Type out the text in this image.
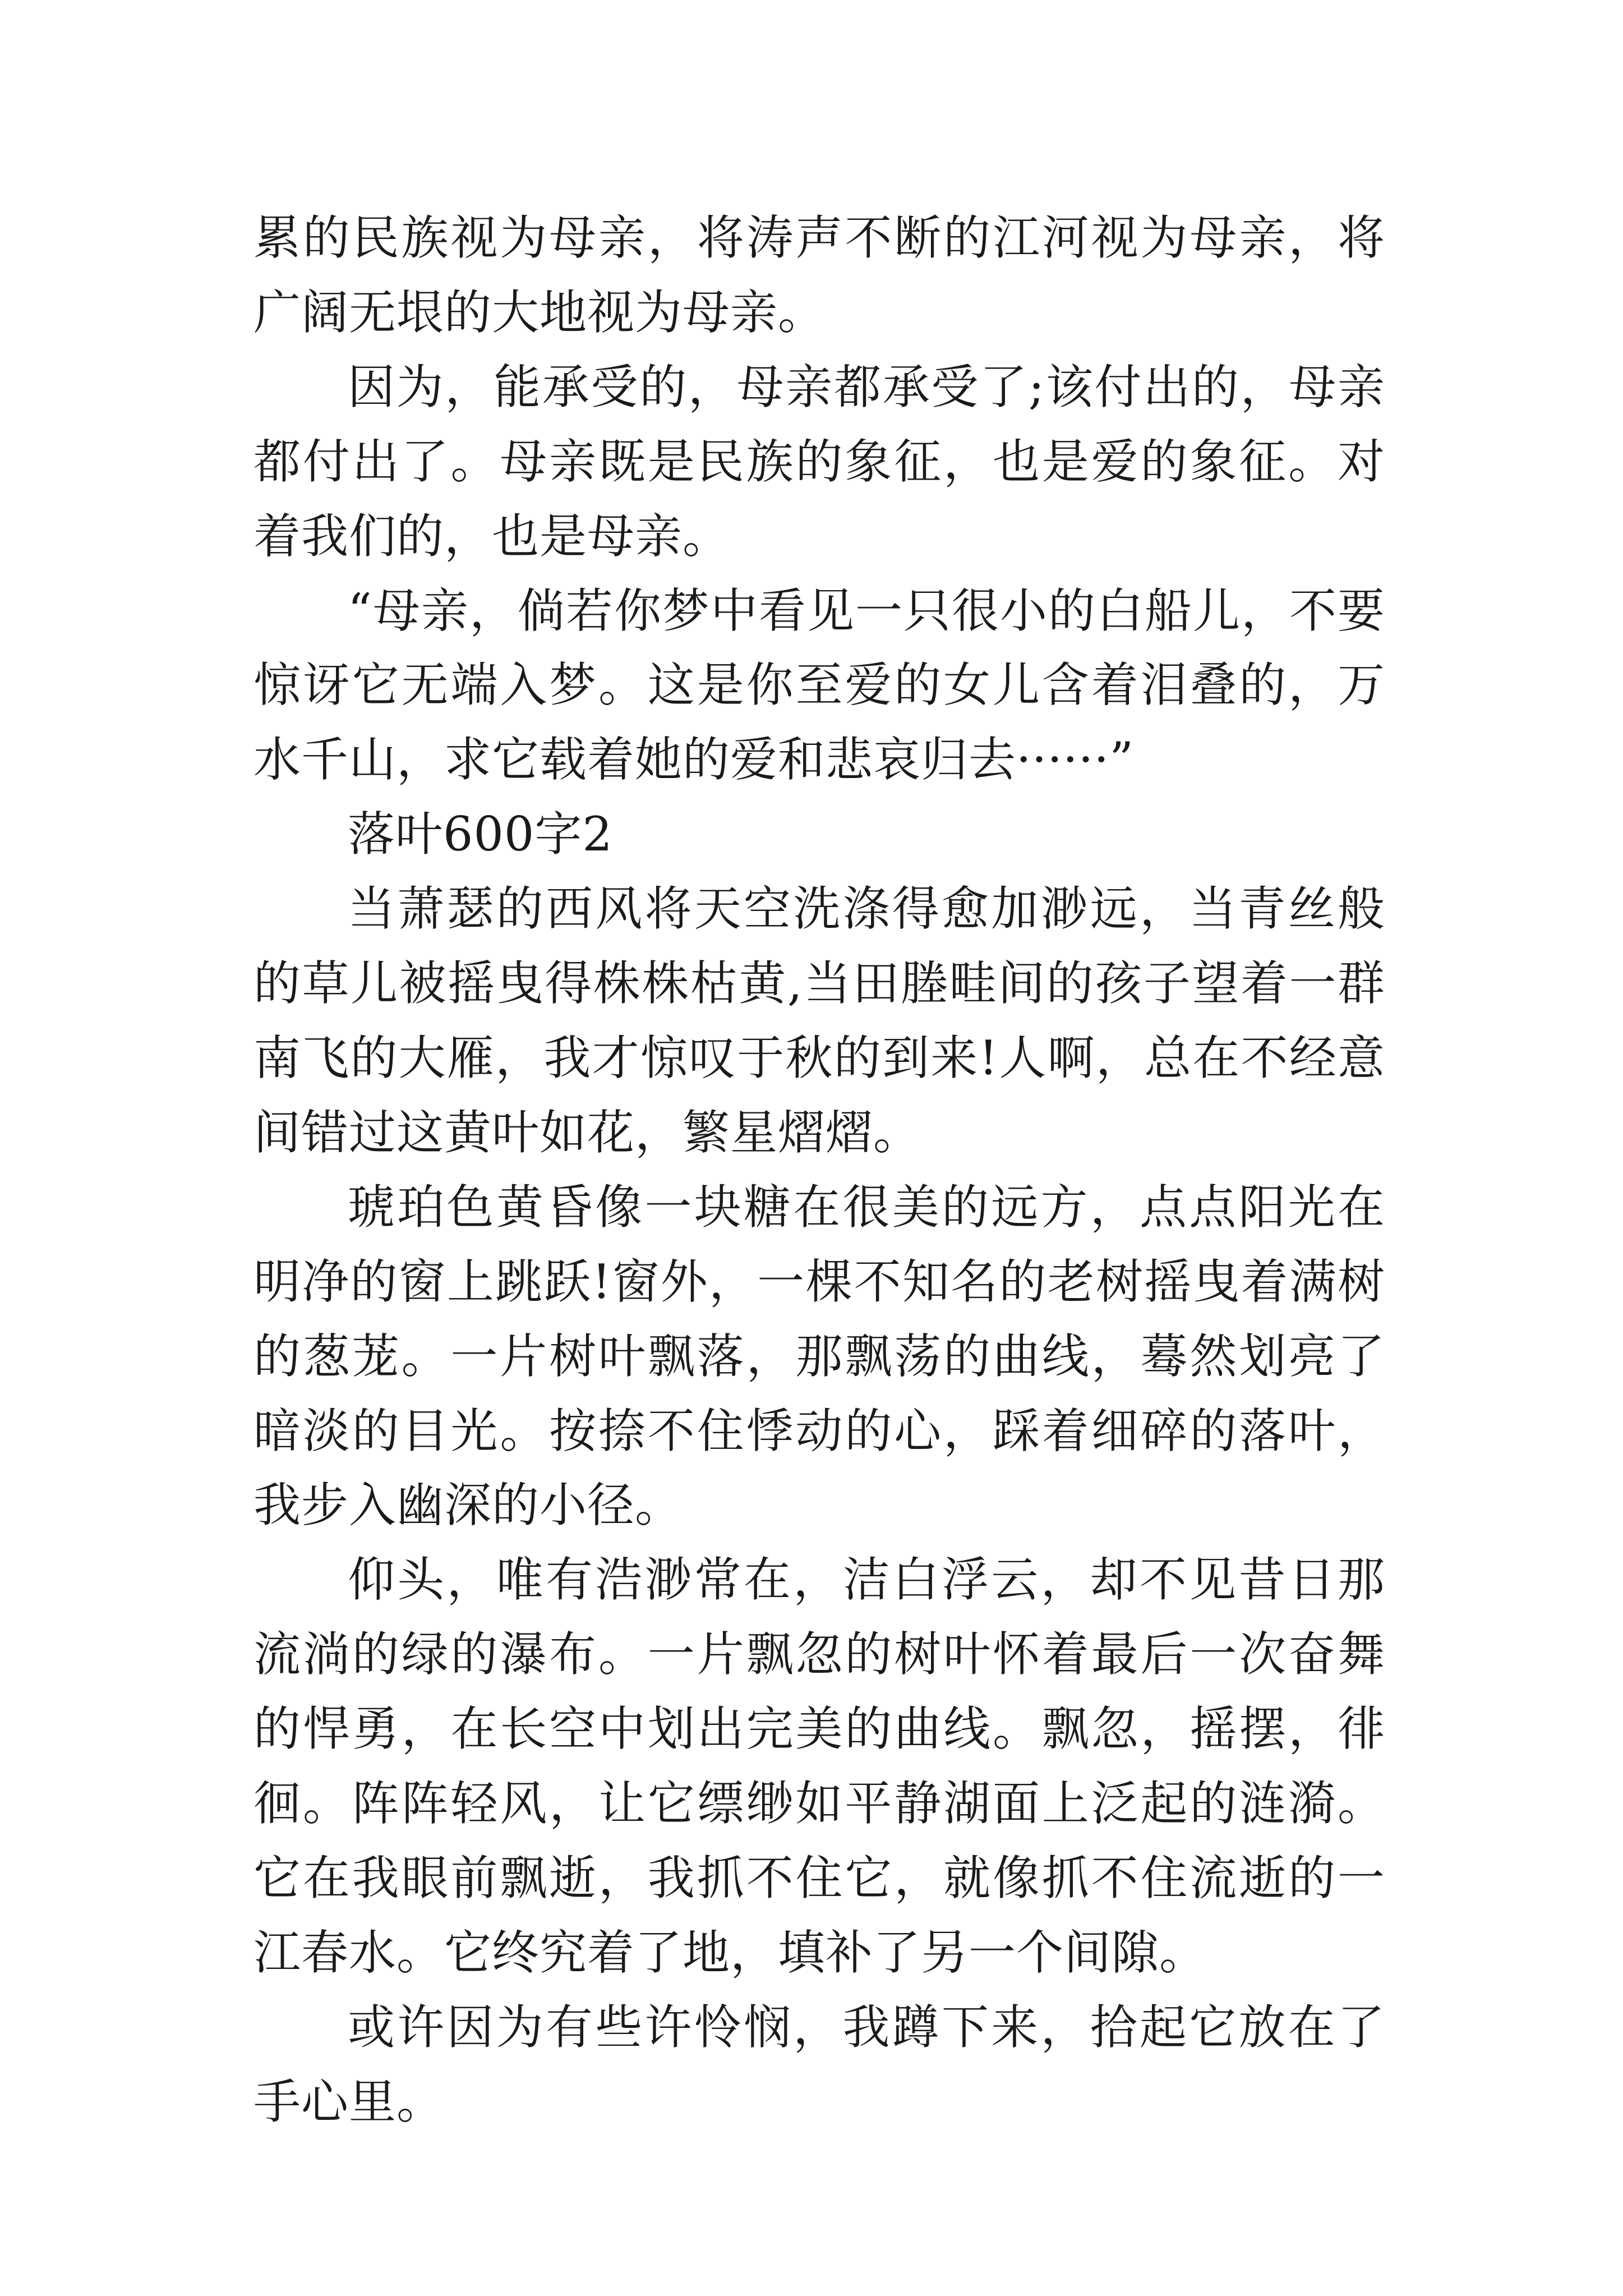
累的民族视为母亲，将涛声不断的江河视为母亲，将广阔无垠的大地视为母亲。

因为，能承受的，母亲都承受了;该付出的，母亲都付出了。母亲既是民族的象征，也是爱的象征。对着我们的，也是母亲。

“母亲，倘若你梦中看见一只很小的白船儿，不要惊讶它无端入梦。这是你至爱的女儿含着泪叠的，万水千山，求它载着她的爱和悲哀归去······”

落叶600字2

当萧瑟的西风将天空洗涤得愈加渺远，当青丝般的草儿被摇曳得株株枯黄,当田塍畦间的孩子望着一群南飞的大雁，我才惊叹于秋的到来!人啊，总在不经意间错过这黄叶如花，繁星熠熠。

琥珀色黄昏像一块糖在很美的远方，点点阳光在明净的窗上跳跃!窗外，一棵不知名的老树摇曳着满树的葱茏。一片树叶飘落，那飘荡的曲线，蓦然划亮了暗淡的目光。按捺不住悸动的心，踩着细碎的落叶，我步入幽深的小径。

仰头，唯有浩渺常在，洁白浮云，却不见昔日那流淌的绿的瀑布。一片飘忽的树叶怀着最后一次奋舞的悍勇，在长空中划出完美的曲线。飘忽，摇摆，徘徊。阵阵轻风，让它缥缈如平静湖面上泛起的涟漪。它在我眼前飘逝，我抓不住它，就像抓不住流逝的一江春水。它终究着了地，填补了另一个间隙。

或许因为有些许怜悯，我蹲下来，拾起它放在了手心里。
